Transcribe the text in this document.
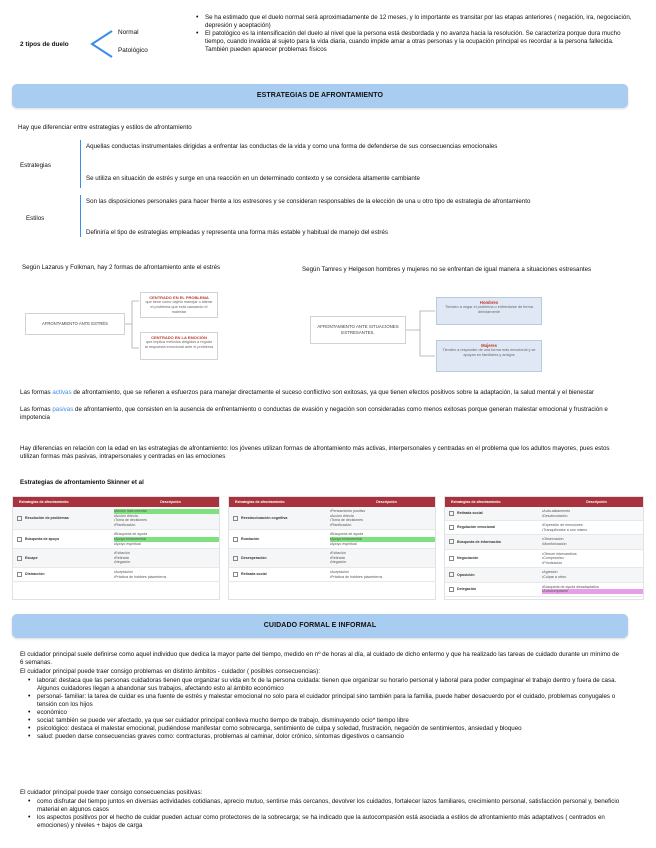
2 tipos de duelo
Normal
Patológico
• Se ha estimado que el duelo normal será aproximadamente de 12 meses, y lo importante es transitar por las etapas anteriores ( negación, ira, negociación, depresión y aceptación)
• El patológico es la intensificación del duelo al nivel que la persona está desbordada y no avanza hacia la resolución. Se caracteriza porque dura mucho tiempo, cuando invalida al sujeto para la vida diaria, cuando impide amar a otras personas y la ocupación principal es recordar a la persona fallecida. También pueden aparecer problemas físicos
ESTRATEGIAS DE AFRONTAMIENTO
Hay que diferenciar entre estrategias y estilos de afrontamiento
Estrategias
Aquellas conductas instrumentales dirigidas a enfrentar las conductas de la vida y como una forma de defenderse de sus consecuencias emocionales
Se utiliza en situación de estrés y surge en una reacción en un determinado contexto y se considera altamente cambiante
Estilos
Son las disposiciones personales para hacer frente a los estresores y se consideran responsables de la elección de una u otro tipo de estrategia de afrontamiento
Definiría el tipo de estrategias empleadas y representa una forma más estable y habitual de manejo del estrés
Según Lazarus y Folkman, hay 2 formas de afrontamiento ante el estrés
AFRONTAMIENTO ANTE ESTRÉS
CENTRADO EN EL PROBLEMA
que tiene como objeto manejar o alterar el problema que está causando el malestar
CENTRADO EN LA EMOCIÓN
que implica métodos dirigidos a regular la respuesta emocional ante el problema
Según Tamres y Helgeson hombres y mujeres no se enfrentan de igual manera a situaciones estresantes
AFRONTAMIENTO ANTE SITUACIONES ESTRESANTES.
Hombres
Tienden a negar el problema o enfrentarse de forma directamente
Mujeres
Tienden a responder de una forma más emocional y se apoyan en familiares y amigos
Las formas activas de afrontamiento, que se refieren a esfuerzos para manejar directamente el suceso conflictivo son exitosas, ya que tienen efectos positivos sobre la adaptación, la salud mental y el bienestar
Las formas pasivas de afrontamiento, que consisten en la ausencia de enfrentamiento o conductas de evasión y negación son consideradas como menos exitosas porque generan malestar emocional y frustración e impotencia
Hay diferencias en relación con la edad en las estrategias de afrontamiento: los jóvenes utilizan formas de afrontamiento más activas, interpersonales y centradas en el problema que los adultos mayores, pues estos utilizan formas más pasivas, intrapersonales y centradas en las emociones
Estrategias de afrontamiento Skinner et al
Estrategias de afrontamiento	Descripción
Resolución de problemas
• Acción instrumental
• Acción directa
• Toma de decisiones
• Planificación
Búsqueda de apoyo
• Búsqueda de ayuda
• Apoyo instrumental
• Apoyo espiritual
Escape
• Evitación
• Retirada
• Negación
Distracción
• Aceptación
• Práctica de hobbies placenteros
Estrategias de afrontamiento	Descripción
Reestructuración cognitiva
• Pensamiento positivo
• Acción directa
• Toma de decisiones
• Planificación
Rumiación
• Búsqueda de ayuda
• Apoyo instrumental
• Apoyo espiritual
Desesperación
• Evitación
• Retirada
• Negación
Retirada social
• Aceptación
• Práctica de hobbies placenteros
Estrategias de afrontamiento	Descripción
Retirada social
• Auto-aislamiento
• Desvinculación
Regulación emocional
• Expresión de emociones
• Tranquilizarse a uno mismo
Búsqueda de información
• Observación
• Monitorización
Negociación
• Ofrecer intercambios
• Compromiso
• Priorización
Oposición
• Agresión
• Culpar a otros
Delegación
• Búsqueda de ayuda desadaptativa
• Autocompasión
CUIDADO FORMAL E INFORMAL
El cuidador principal suele definirse como aquel individuo que dedica la mayor parte del tiempo, medido en nº de horas al día, al cuidado de dicho enfermo y que ha realizado las tareas de cuidado durante un mínimo de 6 semanas.
El cuidador principal puede traer consigo problemas en distinto ámbitos - cuidador ( posibles consecuencias):
• laboral: destaca que las personas cuidadoras tienen que organizar su vida en fx de la persona cuidada: tienen que organizar su horario personal y laboral para poder compaginar el trabajo dentro y fuera de casa. Algunos cuidadores llegan a abandonar sus trabajos, afectando esto al ámbito económico
• personal- familiar: la tarea de cuidar es una fuente de estrés y malestar emocional no solo para el cuidador principal sino también para la familia, puede haber desacuerdo por el cuidado, problemas conyugales o tensión con los hijos
• económico
• social: también se puede ver afectado, ya que ser cuidador principal conlleva mucho tiempo de trabajo, disminuyendo ocio* tiempo libre
• psicológico: destaca el malestar emocional, pudiéndose manifestar como sobrecarga, sentimiento de culpa y soledad, frustración, negación de sentimientos, ansiedad y bloqueo
• salud: pueden darse consecuencias graves como: contracturas, problemas al caminar, dolor crónico, síntomas digestivos o cansancio
El cuidador principal puede traer consigo consecuencias positivas:
• como disfrutar del tiempo juntos en diversas actividades cotidianas, aprecio mutuo, sentirse más cercanos, devolver los cuidados, fortalecer lazos familiares, crecimiento personal, satisfacción personal y, beneficio material en algunos casos
• los aspectos positivos por el hecho de cuidar pueden actuar como protectores de la sobrecarga; se ha indicado que la autocompasión está asociada a estilos de afrontamiento más adaptativos ( centrados en emociones) y niveles + bajos de carga
